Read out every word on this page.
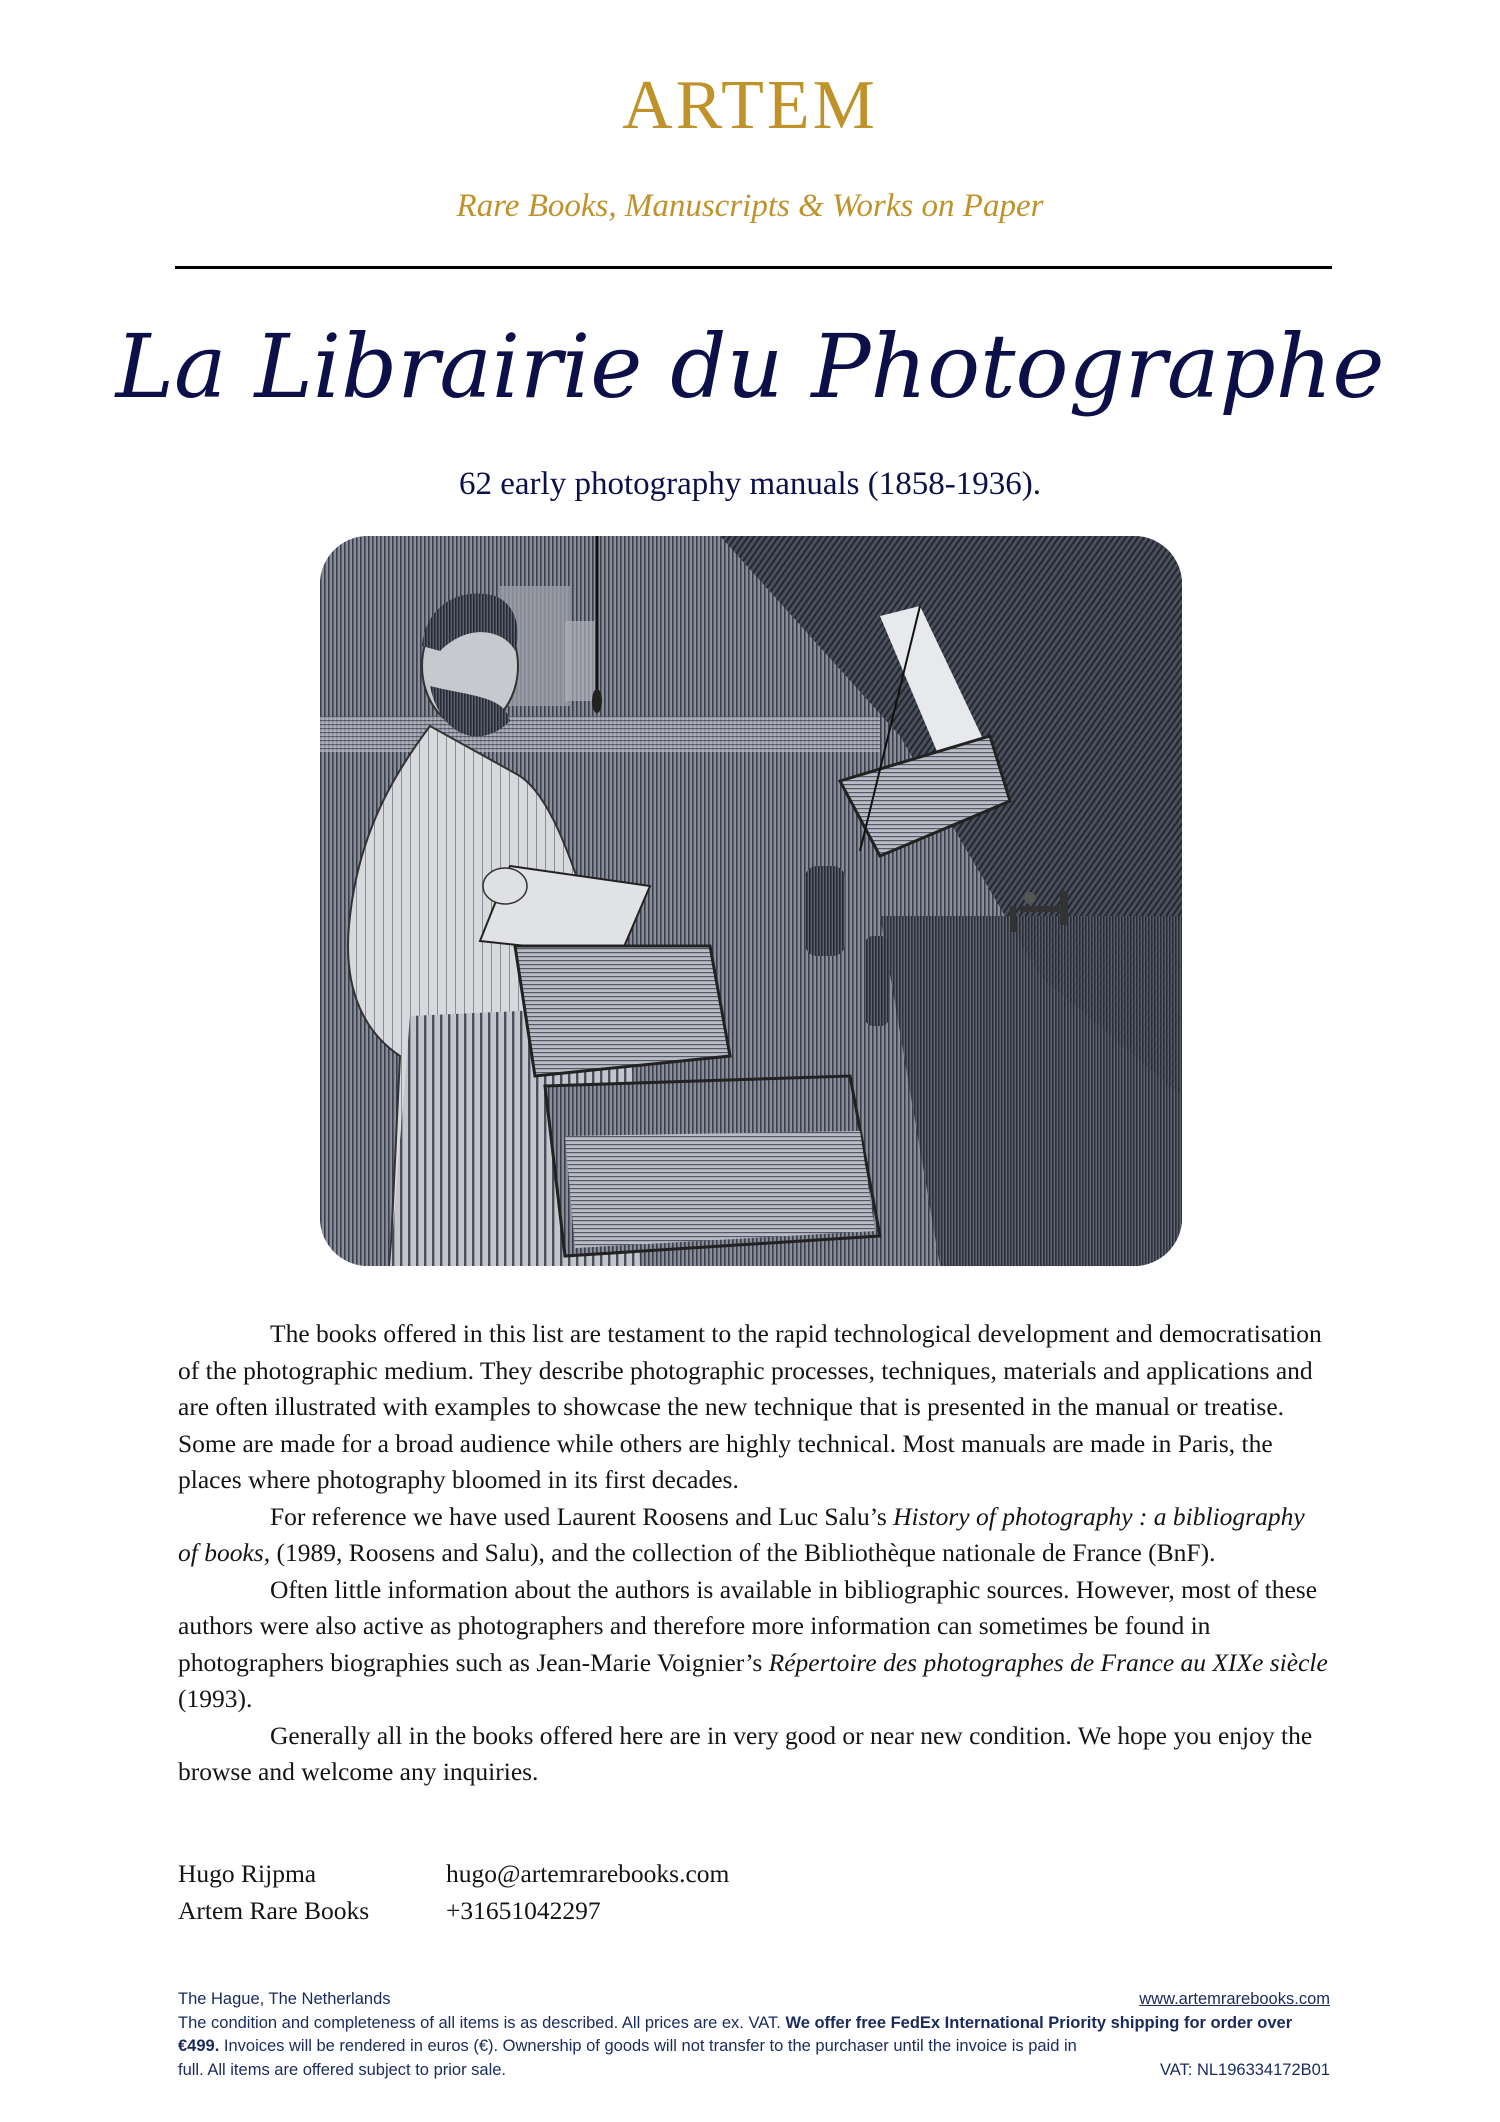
ARTEM
Rare Books, Manuscripts & Works on Paper
La Librairie du Photographe
62 early photography manuals (1858-1936).

The books offered in this list are testament to the rapid technological development and democratisation of the photographic medium. They describe photographic processes, techniques, materials and applications and are often illustrated with examples to showcase the new technique that is presented in the manual or treatise. Some are made for a broad audience while others are highly technical. Most manuals are made in Paris, the places where photography bloomed in its first decades.

For reference we have used Laurent Roosens and Luc Salu’s History of photography : a bibliography of books, (1989, Roosens and Salu), and the collection of the Bibliothèque nationale de France (BnF).

Often little information about the authors is available in bibliographic sources. However, most of these authors were also active as photographers and therefore more information can sometimes be found in photographers biographies such as Jean-Marie Voignier’s Répertoire des photographes de France au XIXe siècle (1993).

Generally all in the books offered here are in very good or near new condition. We hope you enjoy the browse and welcome any inquiries.

Hugo Rijpma	hugo@artemrarebooks.com
Artem Rare Books	+31651042297
The Hague, The Netherlands	www.artemrarebooks.com
The condition and completeness of all items is as described. All prices are ex. VAT. We offer free FedEx International Priority shipping for order over €499. Invoices will be rendered in euros (€). Ownership of goods will not transfer to the purchaser until the invoice is paid in
full. All items are offered subject to prior sale.	VAT: NL196334172B01
